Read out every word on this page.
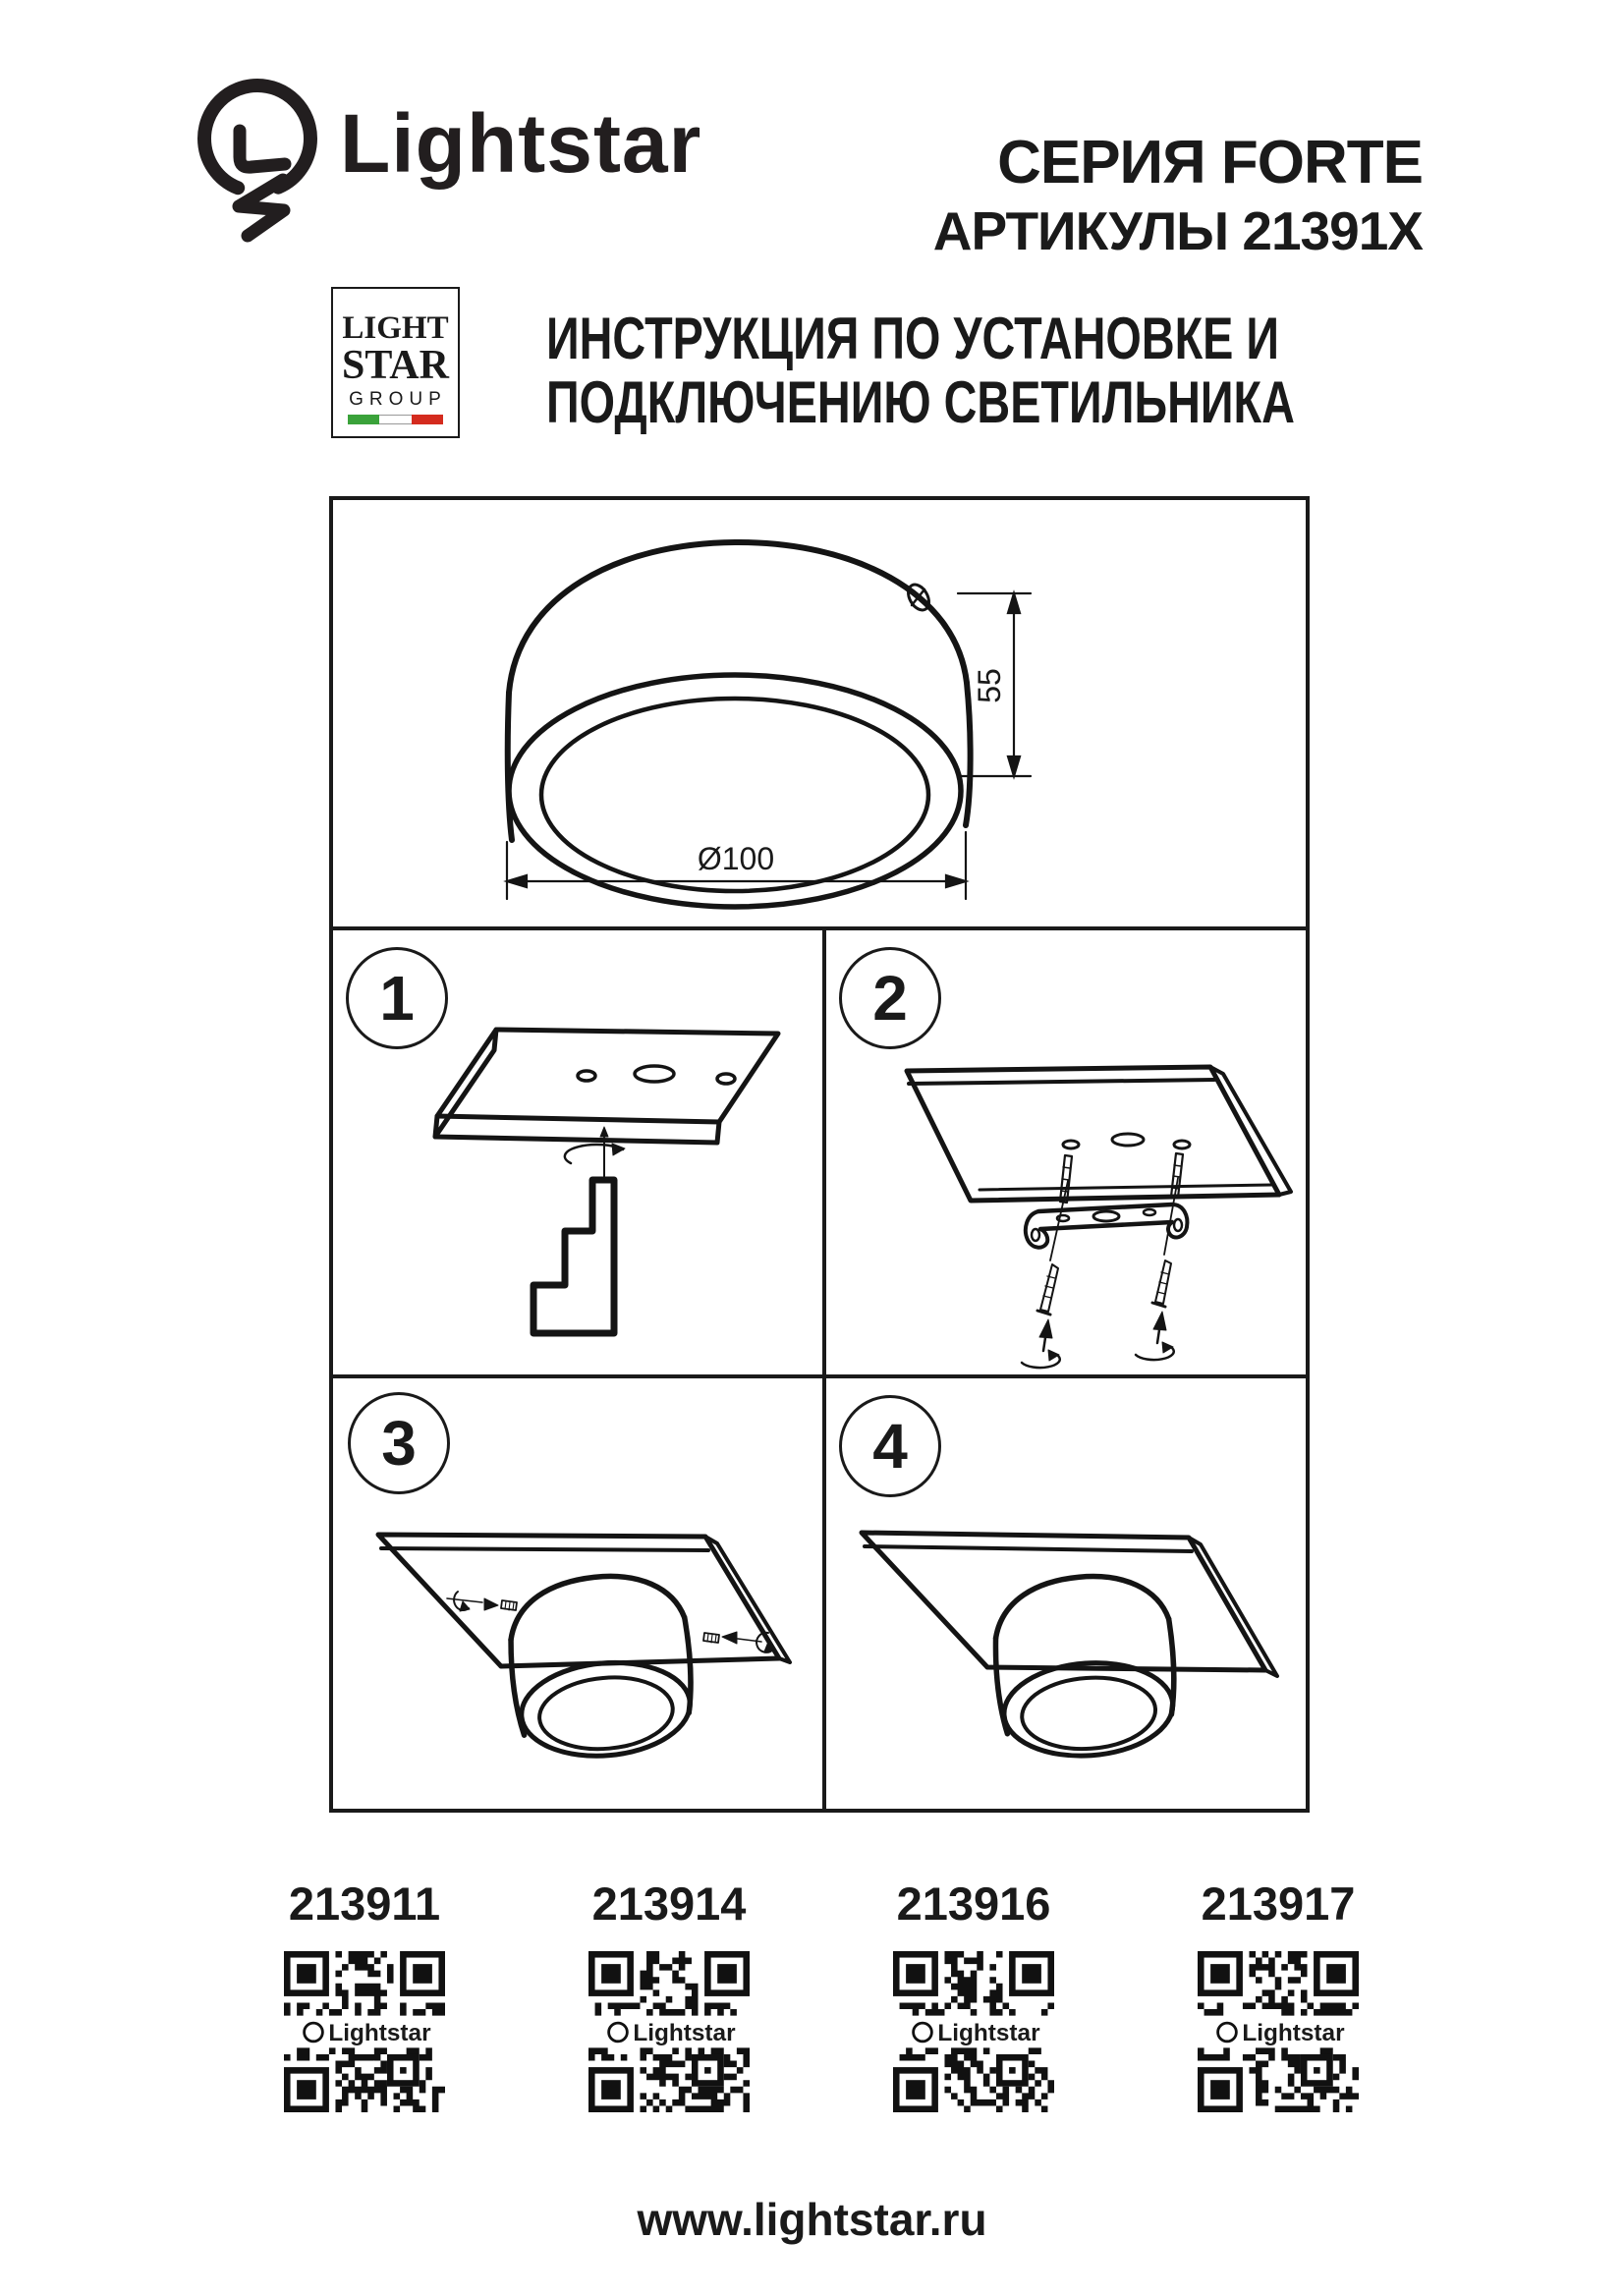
Lightstar	СЕРИЯ FORTE
АРТИКУЛЫ 21391X
LIGHT
STAR
GROUP
ИНСТРУКЦИЯ ПО УСТАНОВКЕ И
ПОДКЛЮЧЕНИЮ СВЕТИЛЬНИКА
55
Ø100
1	2
3	4
213911	213914	213916	213917
Lightstar	Lightstar	Lightstar	Lightstar
www.lightstar.ru
